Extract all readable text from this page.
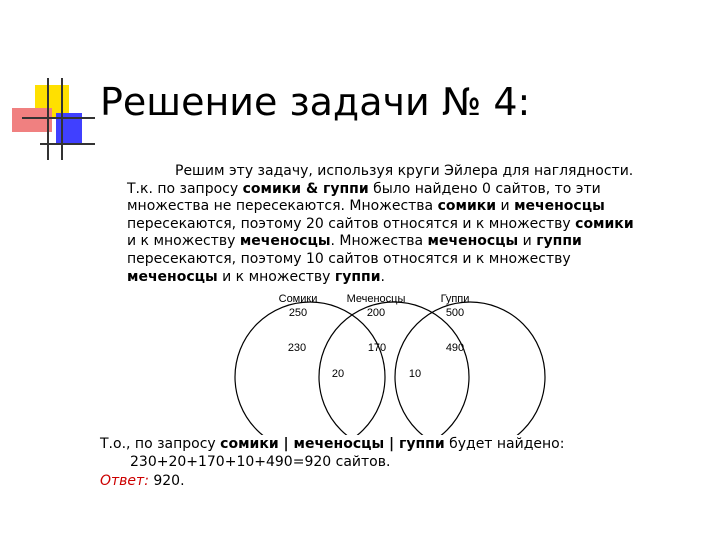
Решение задачи № 4:
Решим эту задачу, используя круги Эйлера для наглядности.
Т.к. по запросу сомики & гуппи было найдено 0 сайтов, то эти
множества не пересекаются. Множества сомики и меченосцы
пересекаются, поэтому 20 сайтов относятся и к множеству сомики
и к множеству меченосцы. Множества меченосцы и гуппи
пересекаются, поэтому 10 сайтов относятся и к множеству
меченосцы и к множеству гуппи.
Сомики
250
Меченосцы
200
Гуппи
500
230	170	490
20	10
Т.о., по запросу сомики | меченосцы | гуппи будет найдено:
230+20+170+10+490=920 сайтов.
Ответ: 920.
